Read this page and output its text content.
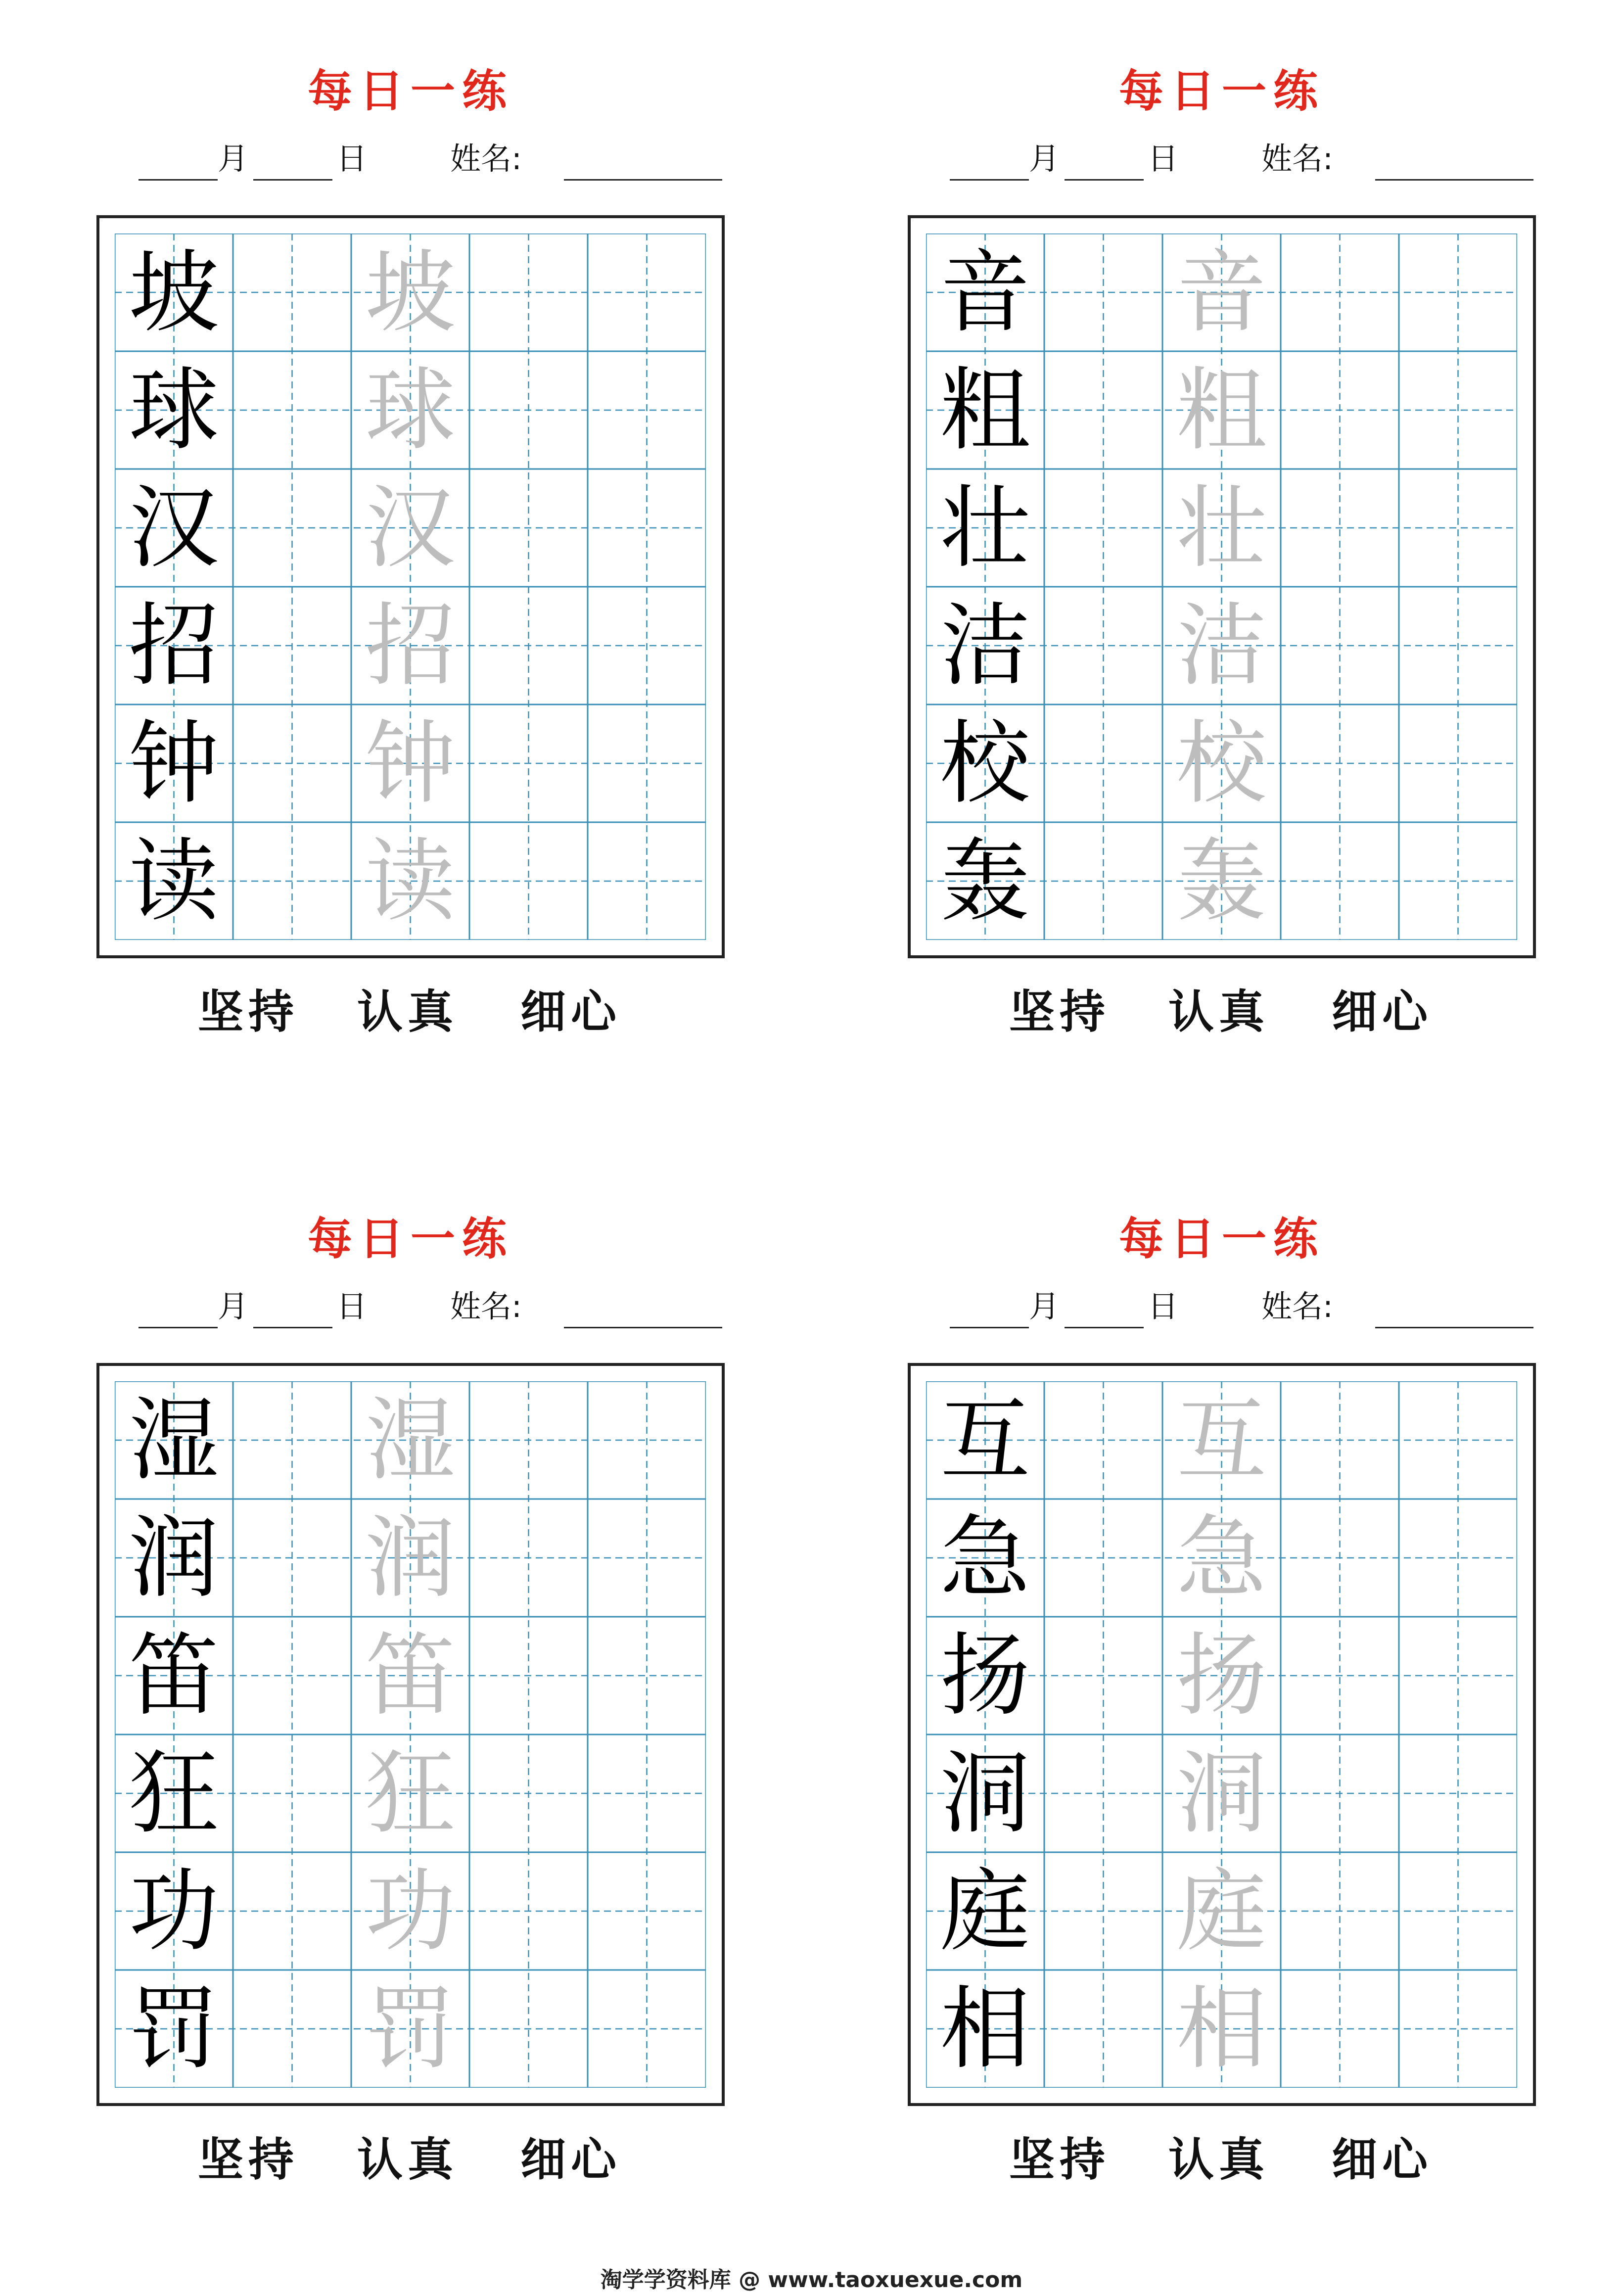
每日一练
月	日	姓名:
坡 坡
球 球
汉 汉
招 招
钟 钟
读 读
坚持 认真 细心
每日一练
月	日	姓名:
音 音
粗 粗
壮 壮
洁 洁
校 校
轰 轰
坚持 认真 细心
每日一练
月	日	姓名:
湿 湿
润 润
笛 笛
狂 狂
功 功
罚 罚
坚持 认真 细心
每日一练
月	日	姓名:
互 互
急 急
扬 扬
洞 洞
庭 庭
相 相
坚持 认真 细心
淘学学资料库 @ www.taoxuexue.com
